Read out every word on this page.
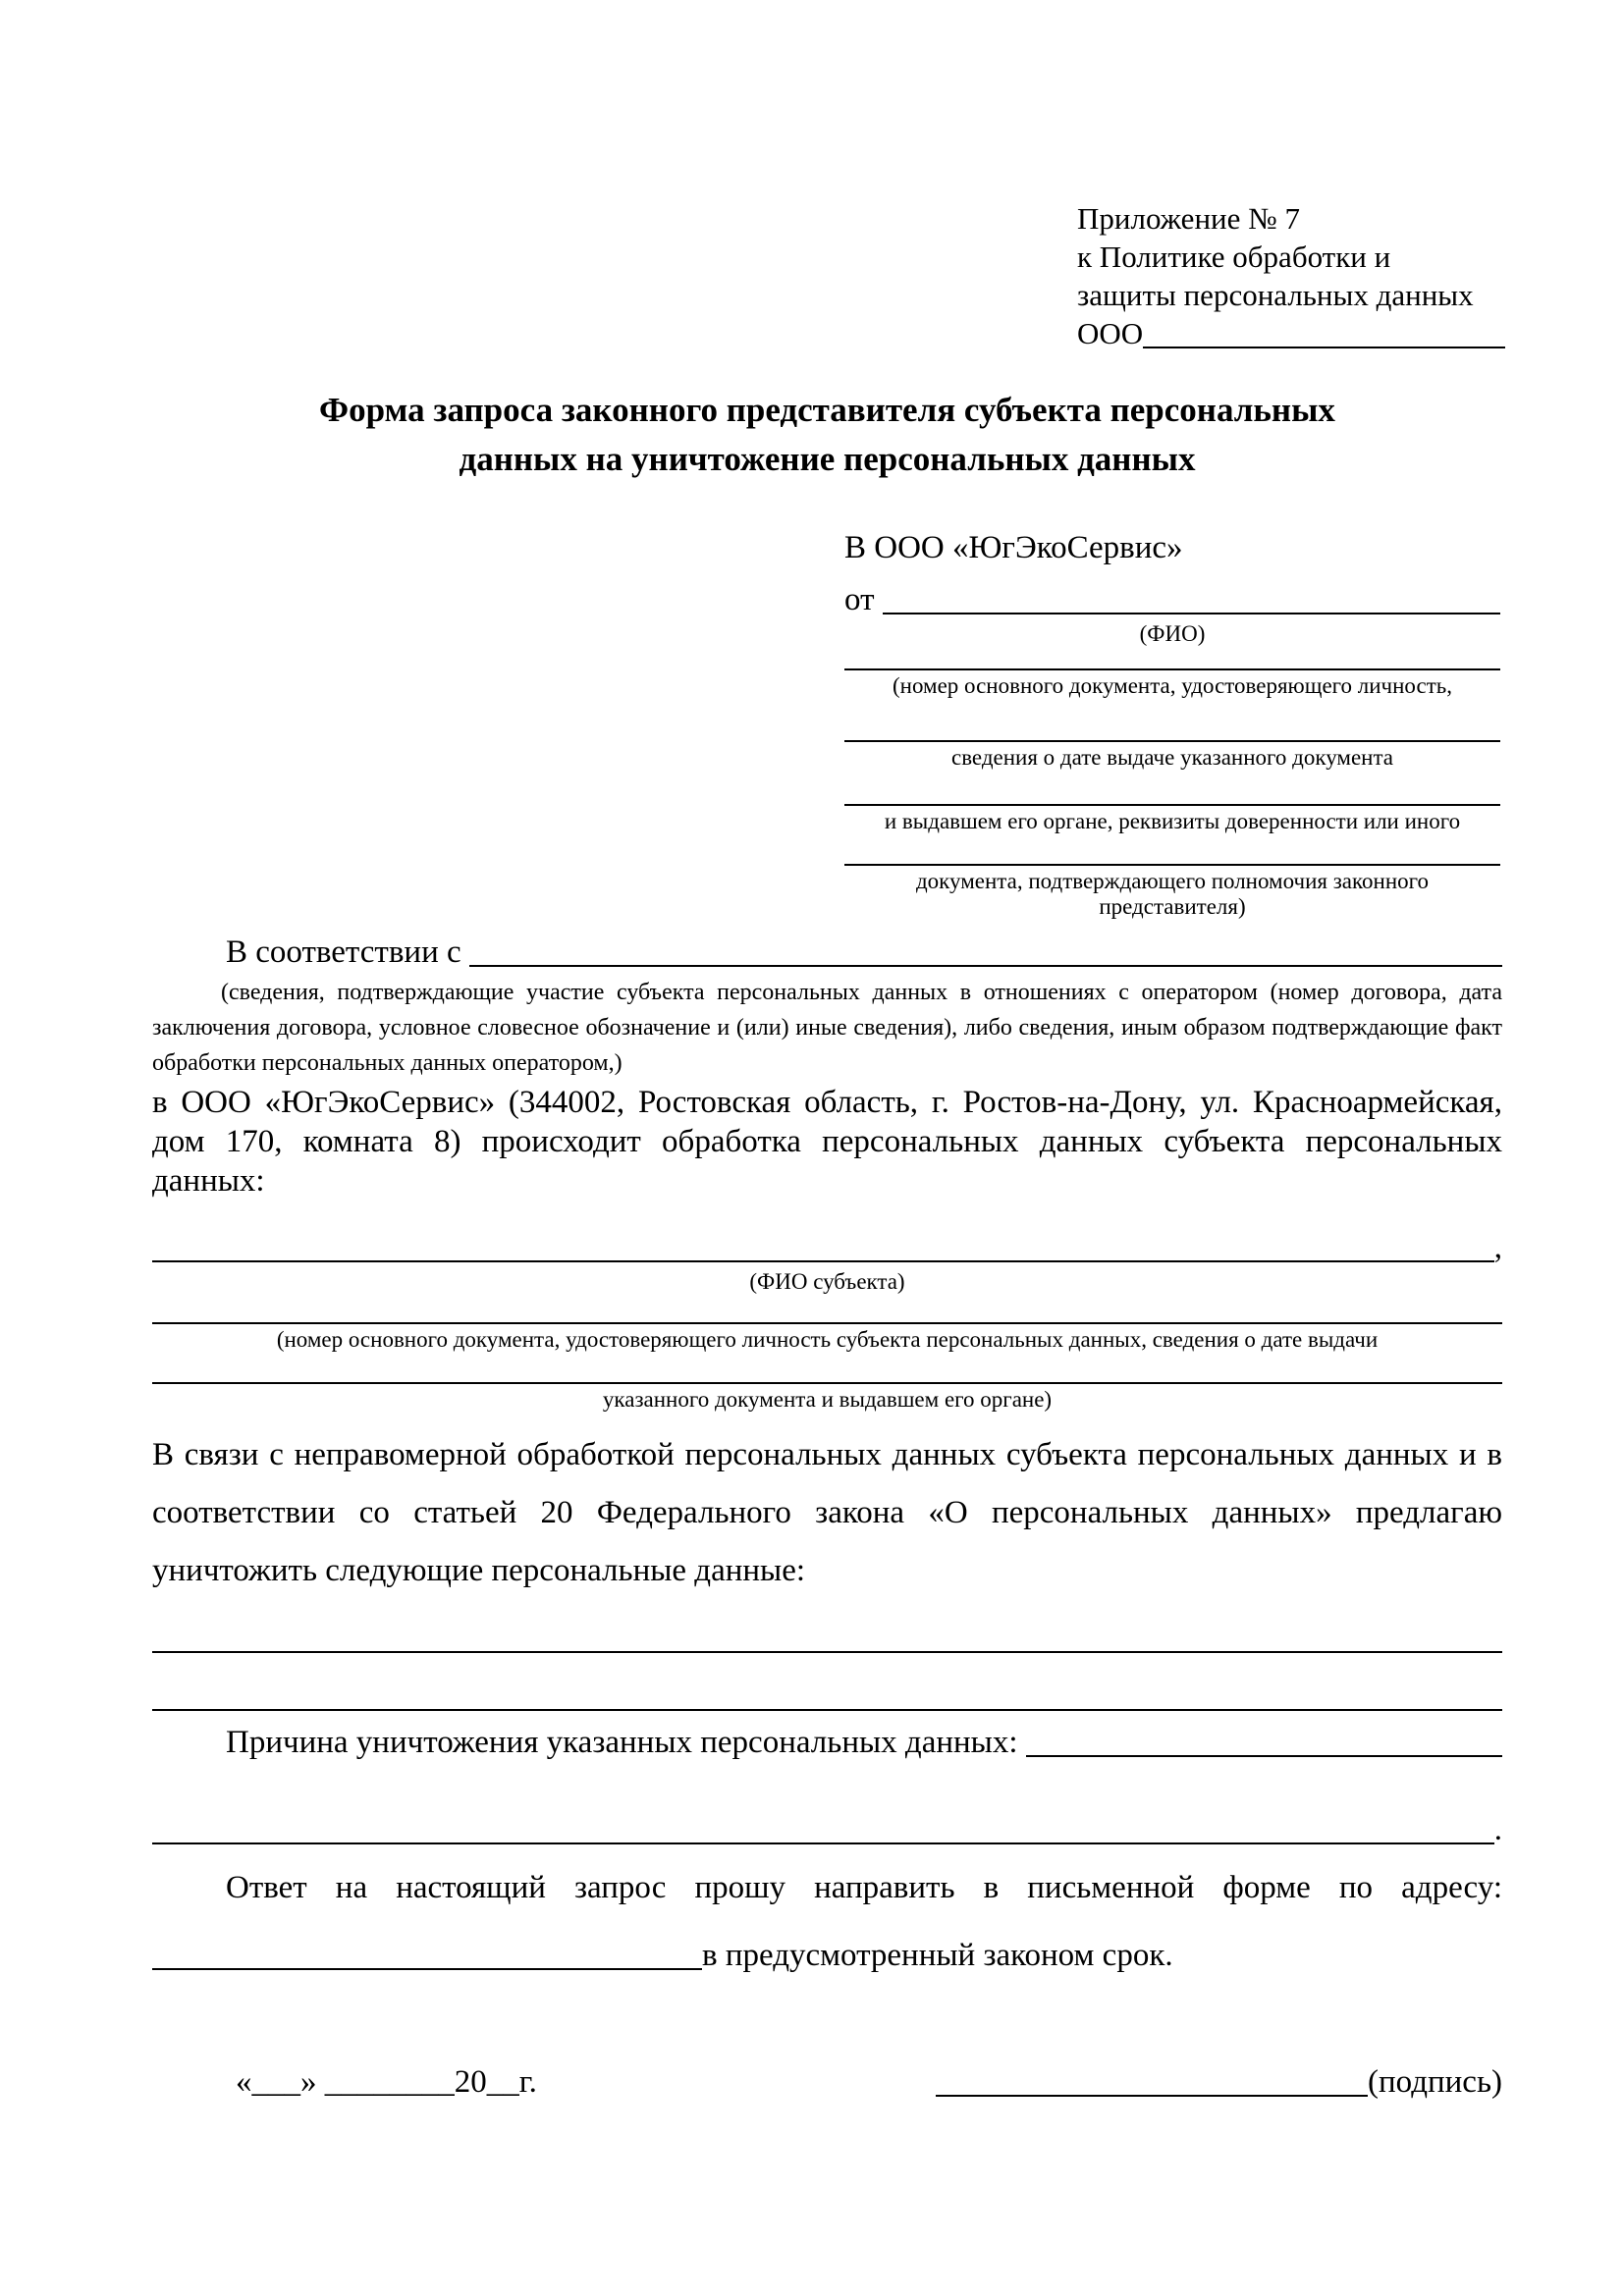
Приложение № 7
к Политике обработки и
защиты персональных данных
ООО
Форма запроса законного представителя субъекта персональных
данных на уничтожение персональных данных
В ООО «ЮгЭкоСервис»
от

(ФИО)
(номер основного документа, удостоверяющего личность,
сведения о дате выдаче указанного документа
и выдавшем его органе, реквизиты доверенности или иного
документа, подтверждающего полномочия законного представителя)
В соответствии с

(сведения, подтверждающие участие субъекта персональных данных в отношениях с оператором (номер договора, дата заключения договора, условное словесное обозначение и (или) иные сведения), либо сведения, иным образом подтверждающие факт обработки персональных данных оператором,)
в ООО «ЮгЭкоСервис» (344002, Ростовская область, г. Ростов-на-Дону, ул. Красноармейская, дом 170, комната 8) происходит обработка персональных данных субъекта персональных данных:
,
(ФИО субъекта)
(номер основного документа, удостоверяющего личность субъекта персональных данных, сведения о дате выдачи
указанного документа и выдавшем его органе)
В связи с неправомерной обработкой персональных данных субъекта персональных данных и в соответствии со статьей 20 Федерального закона «О персональных данных» предлагаю уничтожить следующие персональные данные:
Причина уничтожения указанных персональных данных:

.
Ответ на настоящий запрос прошу направить в письменной форме по адресу:
в предусмотренный законом срок.
«___» ________20__г.	(подпись)
